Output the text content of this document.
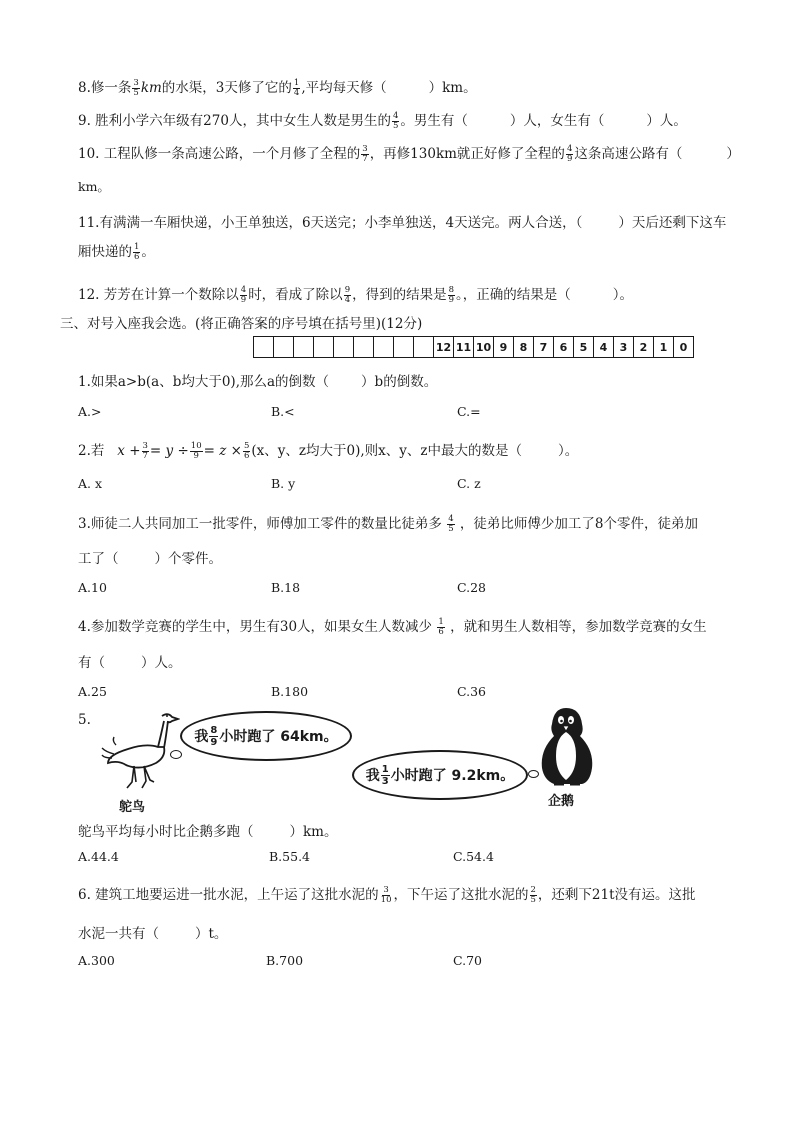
8.修一条 $\frac{3}{5}$ km的水渠，3天修了它的 $\frac{1}{4}$ ,平均每天修（	）km。
9. 胜利小学六年级有270人，其中女生人数是男生的 $\frac{4}{5}$ 。男生有（	）人，女生有（	）人。
10. 工程队修一条高速公路，一个月修了全程的 $\frac{3}{7}$ ，再修130km就正好修了全程的 $\frac{4}{9}$ 这条高速公路有（	）
km。
11.有满满一车厢快递，小王单独送，6天送完；小李单独送，4天送完。两人合送，（	）天后还剩下这车
厢快递的 $\frac{1}{6}$ 。
12. 芳芳在计算一个数除以 $\frac{4}{9}$ 时，看成了除以 $\frac{9}{4}$ ，得到的结果是 $\frac{8}{9}$ 。，正确的结果是（	）。
三、对号入座我会选。(将正确答案的序号填在括号里)(12分)
									12	11	10	9	8	7	6	5	4	3	2	1	0
1.如果a>b(a、b均大于0),那么a的倒数（ ）b的倒数。
A.>	B.<	C.=
2.若 $x + \frac{3}{7} = y \div \frac{10}{9} = z \times \frac{5}{6} (x$、y、z均大于0),则x、y、z中最大的数是（	）。
A. x	B. y	C. z
3.师徒二人共同加工一批零件，师傅加工零件的数量比徒弟多 $\frac{4}{5}$ ，徒弟比师傅少加工了8个零件，徒弟加
工了（	）个零件。
A.10	B.18	C.28
4.参加数学竞赛的学生中，男生有30人，如果女生人数减少 $\frac{1}{6}$ ，就和男生人数相等，参加数学竞赛的女生
有（	）人。
A.25	B.180	C.36
5.
鸵鸟
我 $\frac{8}{9}$ 小时跑了 64km。
我 $\frac{1}{3}$ 小时跑了 9.2km。
企鹅
鸵鸟平均每小时比企鹅多跑（	）km。
A.44.4	B.55.4	C.54.4
6. 建筑工地要运进一批水泥，上午运了这批水泥的 $\frac{3}{10}$ ，下午运了这批水泥的 $\frac{2}{5}$ ，还剩下21t没有运。这批
水泥一共有（	）t。
A.300	B.700	C.70
